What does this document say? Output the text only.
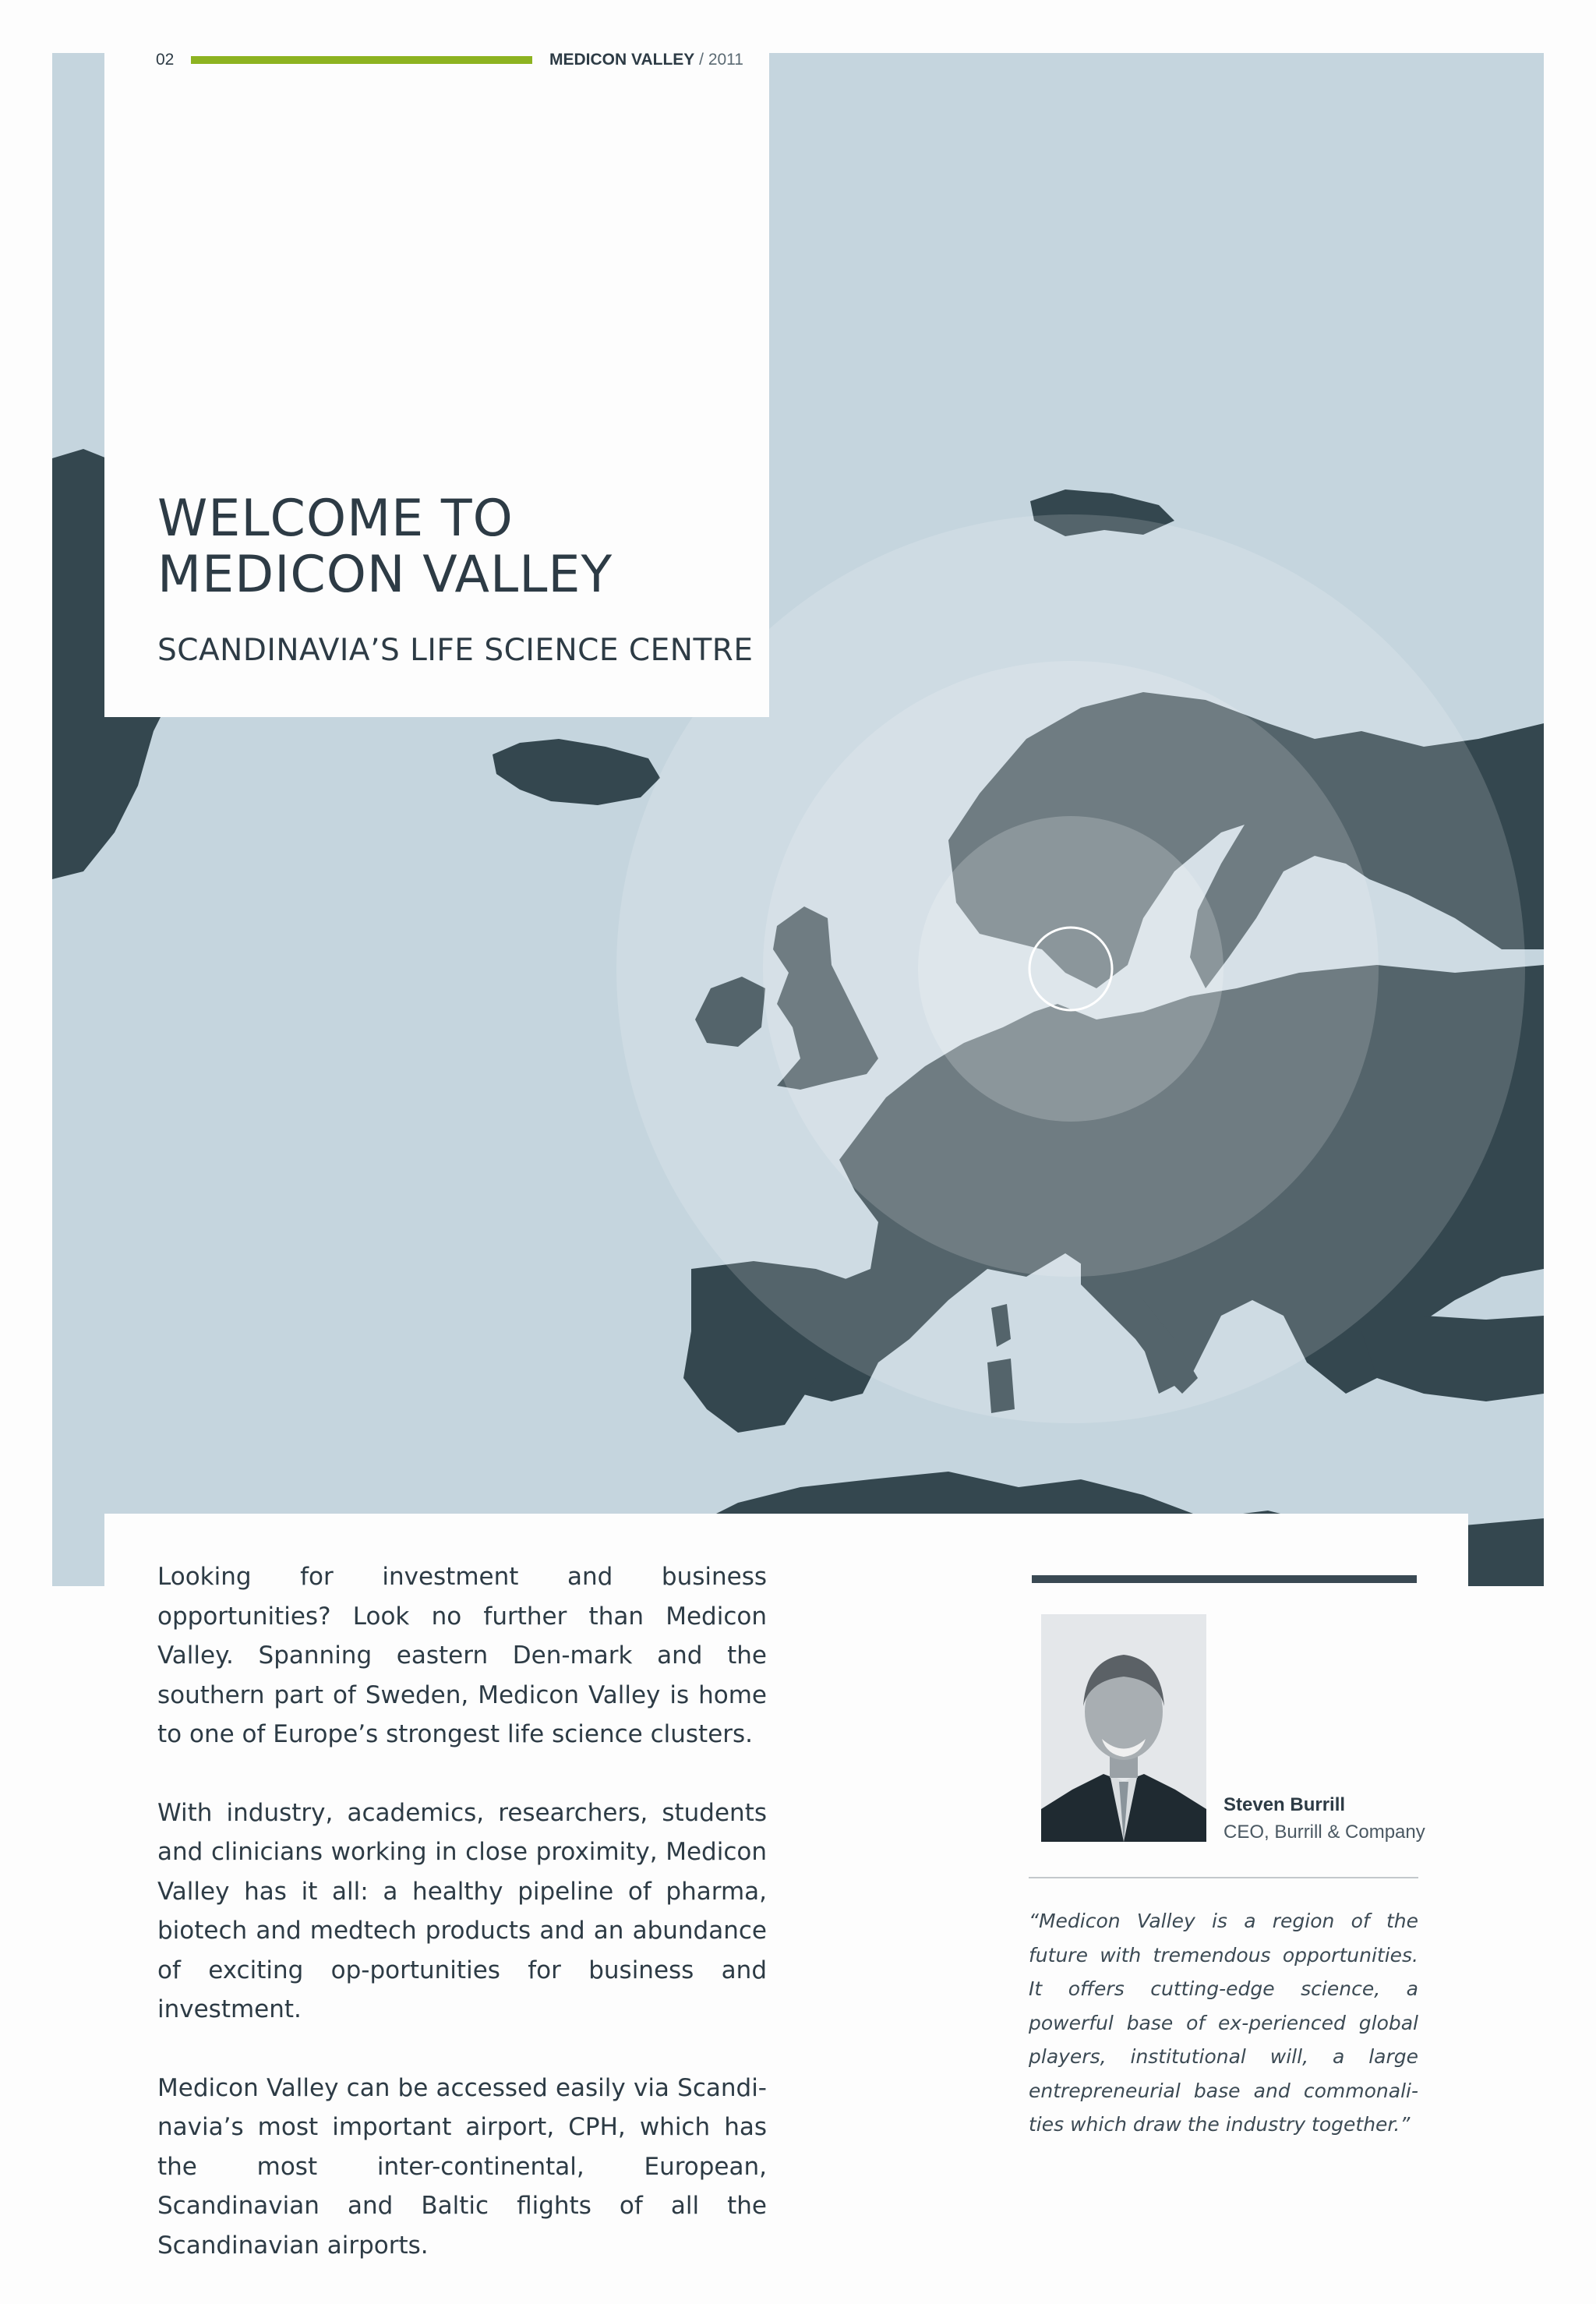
02	MEDICON VALLEY / 2011
WELCOME TO
MEDICON VALLEY
SCANDINAVIA’S LIFE SCIENCE CENTRE

Looking for investment and business opportunities? Look no further than Medicon Valley. Spanning eastern Den-mark and the southern part of Sweden, Medicon Valley is home to one of Europe’s strongest life science clusters.

With industry, academics, researchers, students and clinicians working in close proximity, Medicon Valley has it all: a healthy pipeline of pharma, biotech and medtech products and an abundance of exciting op-portunities for business and investment.

Medicon Valley can be accessed easily via Scandi-navia’s most important airport, CPH, which has the most inter-continental, European, Scandinavian and Baltic flights of all the Scandinavian airports.

Steven Burrill
CEO, Burrill & Company

“Medicon Valley is a region of the future with tremendous opportunities. It offers cutting-edge science, a powerful base of ex-perienced global players, institutional will, a large entrepreneurial base and commonali-ties which draw the industry together.”
